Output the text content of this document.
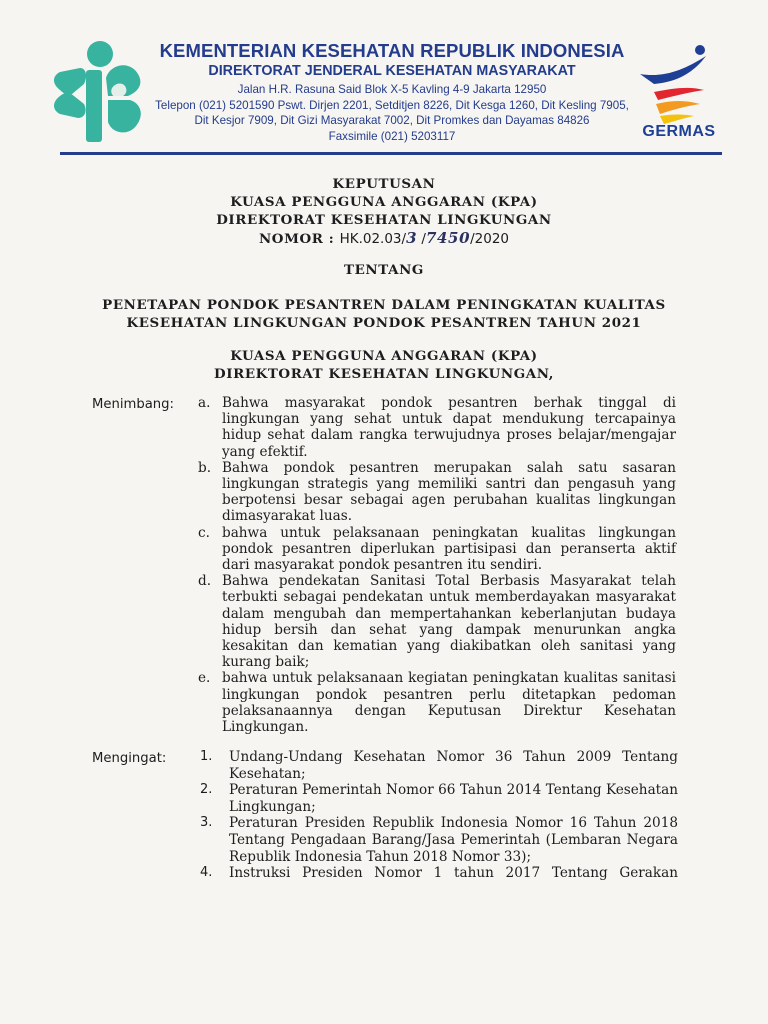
GERMAS
KEMENTERIAN KESEHATAN REPUBLIK INDONESIA
DIREKTORAT JENDERAL KESEHATAN MASYARAKAT
Jalan H.R. Rasuna Said Blok X-5 Kavling 4-9 Jakarta 12950
Telepon (021) 5201590 Pswt. Dirjen 2201, Setditjen 8226, Dit Kesga 1260, Dit Kesling 7905,
Dit Kesjor 7909, Dit Gizi Masyarakat 7002, Dit Promkes dan Dayamas 84826
Faxsimile (021) 5203117
KEPUTUSAN
KUASA PENGGUNA ANGGARAN (KPA)
DIREKTORAT KESEHATAN LINGKUNGAN
NOMOR : HK.02.03/3 /7450/2020
TENTANG
PENETAPAN PONDOK PESANTREN DALAM PENINGKATAN KUALITAS
KESEHATAN LINGKUNGAN PONDOK PESANTREN TAHUN 2021
KUASA PENGGUNA ANGGARAN (KPA)
DIREKTORAT KESEHATAN LINGKUNGAN,
Menimbang: a. Bahwa masyarakat pondok pesantren berhak tinggal di lingkungan yang sehat untuk dapat mendukung tercapainya hidup sehat dalam rangka terwujudnya proses belajar/mengajar yang efektif.
b. Bahwa pondok pesantren merupakan salah satu sasaran lingkungan strategis yang memiliki santri dan pengasuh yang berpotensi besar sebagai agen perubahan kualitas lingkungan dimasyarakat luas.
c. bahwa untuk pelaksanaan peningkatan kualitas lingkungan pondok pesantren diperlukan partisipasi dan peranserta aktif dari masyarakat pondok pesantren itu sendiri.
d. Bahwa pendekatan Sanitasi Total Berbasis Masyarakat telah terbukti sebagai pendekatan untuk memberdayakan masyarakat dalam mengubah dan mempertahankan keberlanjutan budaya hidup bersih dan sehat yang dampak menurunkan angka kesakitan dan kematian yang diakibatkan oleh sanitasi yang kurang baik;
e. bahwa untuk pelaksanaan kegiatan peningkatan kualitas sanitasi lingkungan pondok pesantren perlu ditetapkan pedoman pelaksanaannya dengan Keputusan Direktur Kesehatan Lingkungan.
Mengingat:	1. Undang-Undang Kesehatan Nomor 36 Tahun 2009 Tentang Kesehatan;
2. Peraturan Pemerintah Nomor 66 Tahun 2014 Tentang Kesehatan Lingkungan;
3. Peraturan Presiden Republik Indonesia Nomor 16 Tahun 2018 Tentang Pengadaan Barang/Jasa Pemerintah (Lembaran Negara Republik Indonesia Tahun 2018 Nomor 33);
4. Instruksi Presiden Nomor 1 tahun 2017 Tentang Gerakan
